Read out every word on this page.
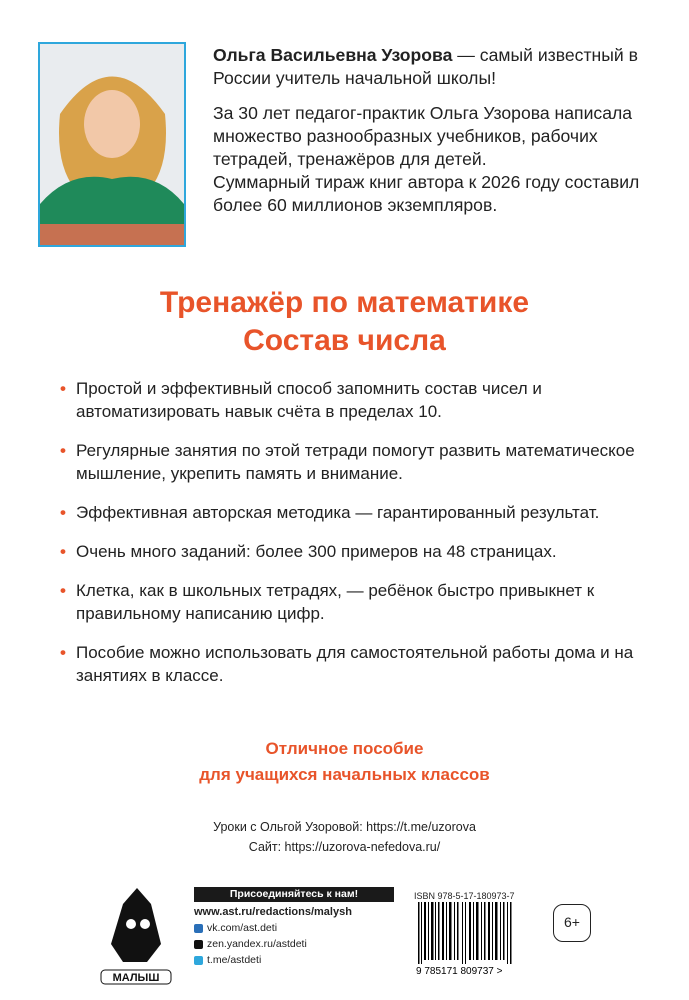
Ольга Васильевна Узорова — самый известный в России учитель начальной школы!

За 30 лет педагог-практик Ольга Узорова написала множество разнообразных учебников, рабочих тетрадей, тренажёров для детей.

Суммарный тираж книг автора к 2026 году составил более 60 миллионов экземпляров.

Тренажёр по математике
Состав числа
• Простой и эффективный способ запомнить состав чисел и автоматизировать навык счёта в пределах 10.
• Регулярные занятия по этой тетради помогут развить математическое мышление, укрепить память и внимание.
• Эффективная авторская методика — гарантированный результат.
• Очень много заданий: более 300 примеров на 48 страницах.
• Клетка, как в школьных тетрадях, — ребёнок быстро привыкнет к правильному написанию цифр.
• Пособие можно использовать для самостоятельной работы дома и на занятиях в классе.
Отличное пособие
для учащихся начальных классов
Уроки с Ольгой Узоровой: https://t.me/uzorova
Сайт: https://uzorova-nefedova.ru/
МАЛЫШ
Присоединяйтесь к нам!
www.ast.ru/redactions/malysh
vk.com/ast.deti
zen.yandex.ru/astdeti
t.me/astdeti
ISBN 978-5-17-180973-7
9 785171 809737 >
6+
